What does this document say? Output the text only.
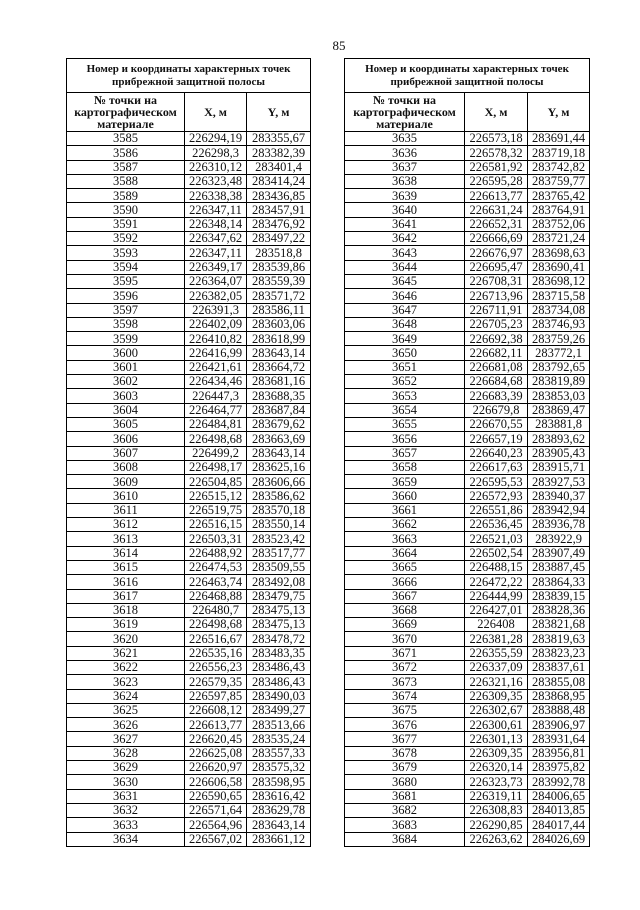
85
Номер и координаты характерных точек
прибрежной защитной полосы
№ точки на
картографическом
материале
X, м	Y, м
3585	226294,19 283355,67
3586	226298,3	283382,39
3587	226310,12	283401,4
3588	226323,48 283414,24
3589	226338,38 283436,85
3590	226347,11 283457,91
3591	226348,14 283476,92
3592	226347,62 283497,22
3593	226347,11	283518,8
3594	226349,17 283539,86
3595	226364,07 283559,39
3596	226382,05 283571,72
3597	226391,3	283586,11
3598	226402,09 283603,06
3599	226410,82 283618,99
3600	226416,99 283643,14
3601	226421,61 283664,72
3602	226434,46 283681,16
3603	226447,3	283688,35
3604	226464,77 283687,84
3605	226484,81 283679,62
3606	226498,68 283663,69
3607	226499,2	283643,14
3608	226498,17 283625,16
3609	226504,85 283606,66
3610	226515,12 283586,62
3611	226519,75 283570,18
3612	226516,15 283550,14
3613	226503,31 283523,42
3614	226488,92 283517,77
3615	226474,53 283509,55
3616	226463,74 283492,08
3617	226468,88 283479,75
3618	226480,7	283475,13
3619	226498,68 283475,13
3620	226516,67 283478,72
3621	226535,16 283483,35
3622	226556,23 283486,43
3623	226579,35 283486,43
3624	226597,85 283490,03
3625	226608,12 283499,27
3626	226613,77 283513,66
3627	226620,45 283535,24
3628	226625,08 283557,33
3629	226620,97 283575,32
3630	226606,58 283598,95
3631	226590,65 283616,42
3632	226571,64 283629,78
3633	226564,96 283643,14
3634	226567,02 283661,12
Номер и координаты характерных точек
прибрежной защитной полосы
№ точки на
картографическом
материале
X, м	Y, м
3635	226573,18 283691,44
3636	226578,32 283719,18
3637	226581,92 283742,82
3638	226595,28 283759,77
3639	226613,77 283765,42
3640	226631,24 283764,91
3641	226652,31 283752,06
3642	226666,69 283721,24
3643	226676,97 283698,63
3644	226695,47 283690,41
3645	226708,31 283698,12
3646	226713,96 283715,58
3647	226711,91 283734,08
3648	226705,23 283746,93
3649	226692,38 283759,26
3650	226682,11	283772,1
3651	226681,08 283792,65
3652	226684,68 283819,89
3653	226683,39 283853,03
3654	226679,8	283869,47
3655	226670,55	283881,8
3656	226657,19 283893,62
3657	226640,23 283905,43
3658	226617,63 283915,71
3659	226595,53 283927,53
3660	226572,93 283940,37
3661	226551,86 283942,94
3662	226536,45 283936,78
3663	226521,03	283922,9
3664	226502,54 283907,49
3665	226488,15 283887,45
3666	226472,22 283864,33
3667	226444,99 283839,15
3668	226427,01 283828,36
3669	226408	283821,68
3670	226381,28 283819,63
3671	226355,59 283823,23
3672	226337,09 283837,61
3673	226321,16 283855,08
3674	226309,35 283868,95
3675	226302,67 283888,48
3676	226300,61 283906,97
3677	226301,13 283931,64
3678	226309,35 283956,81
3679	226320,14 283975,82
3680	226323,73 283992,78
3681	226319,11 284006,65
3682	226308,83 284013,85
3683	226290,85 284017,44
3684	226263,62 284026,69
